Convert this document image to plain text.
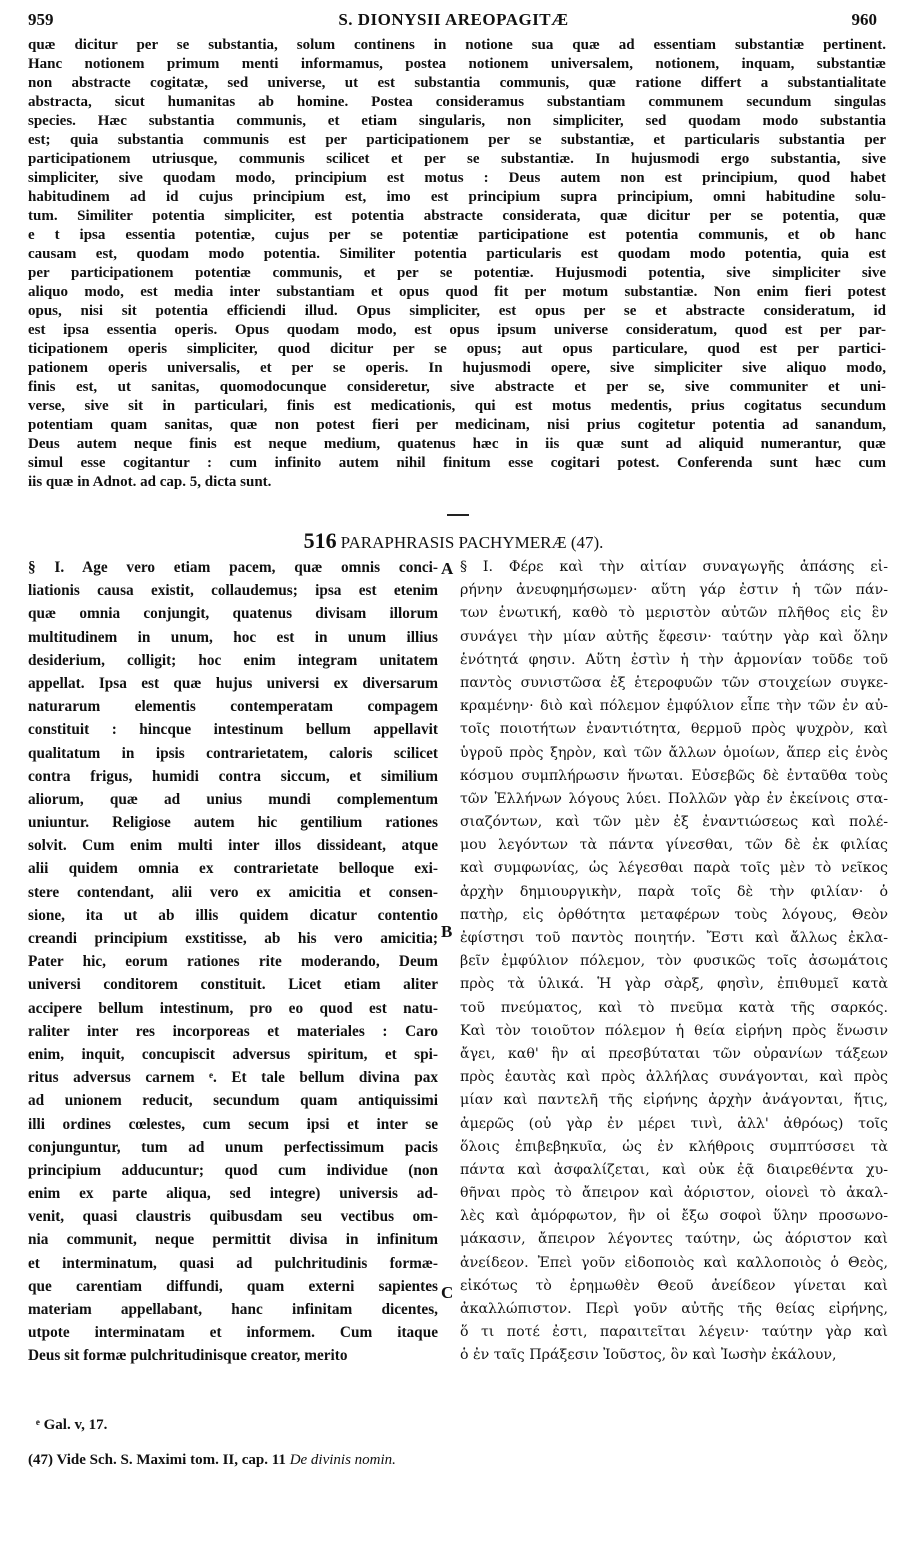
959	S. DIONYSII AREOPAGITÆ	960
quæ dicitur per se substantia, solum continens in notione sua quæ ad essentiam substantiæ pertinent.
Hanc notionem primum menti informamus, postea notionem universalem, notionem, inquam, substantiæ
non abstracte cogitatæ, sed universe, ut est substantia communis, quæ ratione differt a substantialitate
abstracta, sicut humanitas ab homine. Postea consideramus substantiam communem secundum singulas
species. Hæc substantia communis, et etiam singularis, non simpliciter, sed quodam modo substantia
est; quia substantia communis est per participationem per se substantiæ, et particularis substantia per
participationem utriusque, communis scilicet et per se substantiæ. In hujusmodi ergo substantia, sive
simpliciter, sive quodam modo, principium est motus : Deus autem non est principium, quod habet
habitudinem ad id cujus principium est, imo est principium supra principium, omni habitudine solu-
tum. Similiter potentia simpliciter, est potentia abstracte considerata, quæ dicitur per se potentia, quæ
e t ipsa essentia potentiæ, cujus per se potentiæ participatione est potentia communis, et ob hanc
causam est, quodam modo potentia. Similiter potentia particularis est quodam modo potentia, quia est
per participationem potentiæ communis, et per se potentiæ. Hujusmodi potentia, sive simpliciter sive
aliquo modo, est media inter substantiam et opus quod fit per motum substantiæ. Non enim fieri potest
opus, nisi sit potentia efficiendi illud. Opus simpliciter, est opus per se et abstracte consideratum, id
est ipsa essentia operis. Opus quodam modo, est opus ipsum universe consideratum, quod est per par-
ticipationem operis simpliciter, quod dicitur per se opus; aut opus particulare, quod est per partici-
pationem operis universalis, et per se operis. In hujusmodi opere, sive simpliciter sive aliquo modo,
finis est, ut sanitas, quomodocunque consideretur, sive abstracte et per se, sive communiter et uni-
verse, sive sit in particulari, finis est medicationis, qui est motus medentis, prius cogitatus secundum
potentiam quam sanitas, quæ non potest fieri per medicinam, nisi prius cogitetur potentia ad sanandum,
Deus autem neque finis est neque medium, quatenus hæc in iis quæ sunt ad aliquid numerantur, quæ
simul esse cogitantur : cum infinito autem nihil finitum esse cogitari potest. Conferenda sunt hæc cum
iis quæ in Adnot. ad cap. 5, dicta sunt.
516 PARAPHRASIS PACHYMERÆ (47).
§ I. Age vero etiam pacem, quæ omnis conci-
liationis causa existit, collaudemus; ipsa est etenim
quæ omnia conjungit, quatenus divisam illorum
multitudinem in unum, hoc est in unum illius
desiderium, colligit; hoc enim integram unitatem
appellat. Ipsa est quæ hujus universi ex diversarum
naturarum elementis contemperatam compagem
constituit : hincque intestinum bellum appellavit
qualitatum in ipsis contrarietatem, caloris scilicet
contra frigus, humidi contra siccum, et similium
aliorum, quæ ad unius mundi complementum
uniuntur. Religiose autem hic gentilium rationes
solvit. Cum enim multi inter illos dissideant, atque
alii quidem omnia ex contrarietate belloque exi-
stere contendant, alii vero ex amicitia et consen-
sione, ita ut ab illis quidem dicatur contentio
creandi principium exstitisse, ab his vero amicitia;
Pater hic, eorum rationes rite moderando, Deum
universi conditorem constituit. Licet etiam aliter
accipere bellum intestinum, pro eo quod est natu-
raliter inter res incorporeas et materiales : Caro
enim, inquit, concupiscit adversus spiritum, et spi-
ritus adversus carnem ᵉ. Et tale bellum divina pax
ad unionem reducit, secundum quam antiquissimi
illi ordines cœlestes, cum secum ipsi et inter se
conjunguntur, tum ad unum perfectissimum pacis
principium adducuntur; quod cum individue (non
enim ex parte aliqua, sed integre) universis ad-
venit, quasi claustris quibusdam seu vectibus om-
nia communit, neque permittit divisa in infinitum
et interminatum, quasi ad pulchritudinis formæ-
que carentiam diffundi, quam externi sapientes
materiam appellabant, hanc infinitam dicentes,
utpote interminatam et informem. Cum itaque
Deus sit formæ pulchritudinisque creator, merito
§ I. Φέρε καὶ τὴν αἰτίαν συναγωγῆς ἁπάσης εἰ-
ρήνην ἀνευφημήσωμεν· αὕτη γάρ ἐστιν ἡ τῶν πάν-
των ἑνωτική, καθὸ τὸ μεριστὸν αὐτῶν πλῆθος εἰς ἓν
συνάγει τὴν μίαν αὐτῆς ἔφεσιν· ταύτην γὰρ καὶ ὅλην
ἑνότητά φησιν. Αὕτη ἐστὶν ἡ τὴν ἁρμονίαν τοῦδε τοῦ
παντὸς συνιστῶσα ἐξ ἑτεροφυῶν τῶν στοιχείων συγκε-
κραμένην· διὸ καὶ πόλεμον ἐμφύλιον εἶπε τὴν τῶν ἐν αὐ-
τοῖς ποιοτήτων ἐναντιότητα, θερμοῦ πρὸς ψυχρὸν, καὶ
ὑγροῦ πρὸς ξηρὸν, καὶ τῶν ἄλλων ὁμοίων, ἅπερ εἰς ἑνὸς
κόσμου συμπλήρωσιν ἥνωται. Εὐσεβῶς δὲ ἐνταῦθα τοὺς
τῶν Ἑλλήνων λόγους λύει. Πολλῶν γὰρ ἐν ἐκείνοις στα-
σιαζόντων, καὶ τῶν μὲν ἐξ ἐναντιώσεως καὶ πολέ-
μου λεγόντων τὰ πάντα γίνεσθαι, τῶν δὲ ἐκ φιλίας
καὶ συμφωνίας, ὡς λέγεσθαι παρὰ τοῖς μὲν τὸ νεῖκος
ἀρχὴν δημιουργικὴν, παρὰ τοῖς δὲ τὴν φιλίαν· ὁ
πατὴρ, εἰς ὀρθότητα μεταφέρων τοὺς λόγους, Θεὸν
ἐφίστησι τοῦ παντὸς ποιητήν. Ἔστι καὶ ἄλλως ἐκλα-
βεῖν ἐμφύλιον πόλεμον, τὸν φυσικῶς τοῖς ἀσωμάτοις
πρὸς τὰ ὑλικά. Ἡ γὰρ σὰρξ, φησὶν, ἐπιθυμεῖ κατὰ
τοῦ πνεύματος, καὶ τὸ πνεῦμα κατὰ τῆς σαρκός.
Καὶ τὸν τοιοῦτον πόλεμον ἡ θεία εἰρήνη πρὸς ἕνωσιν
ἄγει, καθ' ἣν αἱ πρεσβύταται τῶν οὐρανίων τάξεων
πρὸς ἑαυτὰς καὶ πρὸς ἀλλήλας συνάγονται, καὶ πρὸς
μίαν καὶ παντελῆ τῆς εἰρήνης ἀρχὴν ἀνάγονται, ἥτις,
ἀμερῶς (οὐ γὰρ ἐν μέρει τινὶ, ἀλλ' ἀθρόως) τοῖς
ὅλοις ἐπιβεβηκυῖα, ὡς ἐν κλήθροις συμπτύσσει τὰ
πάντα καὶ ἀσφαλίζεται, καὶ οὐκ ἐᾷ διαιρεθέντα χυ-
θῆναι πρὸς τὸ ἄπειρον καὶ ἀόριστον, οἱονεὶ τὸ ἀκαλ-
λὲς καὶ ἀμόρφωτον, ἣν οἱ ἔξω σοφοὶ ὕλην προσωνο-
μάκασιν, ἄπειρον λέγοντες ταύτην, ὡς ἀόριστον καὶ
ἀνείδεον. Ἐπεὶ γοῦν εἰδοποιὸς καὶ καλλοποιὸς ὁ Θεὸς,
εἰκότως τὸ ἐρημωθὲν Θεοῦ ἀνείδεον γίνεται καὶ
ἀκαλλώπιστον. Περὶ γοῦν αὐτῆς τῆς θείας εἰρήνης,
ὅ τι ποτέ ἐστι, παραιτεῖται λέγειν· ταύτην γὰρ καὶ
ὁ ἐν ταῖς Πράξεσιν Ἰοῦστος, ὃν καὶ Ἰωσὴν ἐκάλουν,
A
B
C
ᵉ Gal. v, 17.
(47) Vide Sch. S. Maximi tom. II, cap. 11 De divinis nomin.
